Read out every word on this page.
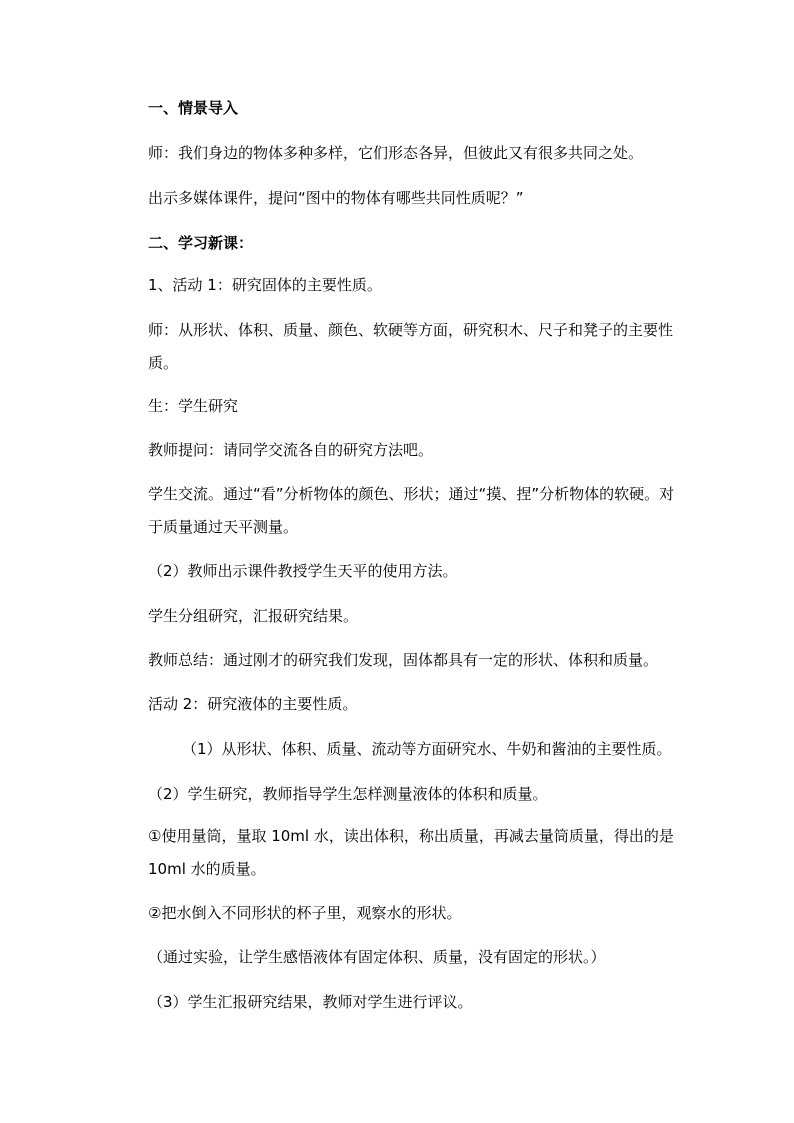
一、情景导入
师：我们身边的物体多种多样，它们形态各异，但彼此又有很多共同之处。
出示多媒体课件，提问“图中的物体有哪些共同性质呢？”
二、学习新课：
1、活动 1：研究固体的主要性质。
师：从形状、体积、质量、颜色、软硬等方面，研究积木、尺子和凳子的主要性质。
生：学生研究
教师提问：请同学交流各自的研究方法吧。
学生交流。通过“看”分析物体的颜色、形状；通过“摸、捏”分析物体的软硬。对于质量通过天平测量。
（2）教师出示课件教授学生天平的使用方法。
学生分组研究，汇报研究结果。
教师总结：通过刚才的研究我们发现，固体都具有一定的形状、体积和质量。
活动 2：研究液体的主要性质。
（1）从形状、体积、质量、流动等方面研究水、牛奶和酱油的主要性质。
（2）学生研究，教师指导学生怎样测量液体的体积和质量。
①使用量筒，量取 10ml 水，读出体积，称出质量，再减去量筒质量，得出的是 10ml 水的质量。
②把水倒入不同形状的杯子里，观察水的形状。
（通过实验，让学生感悟液体有固定体积、质量，没有固定的形状。）
（3）学生汇报研究结果，教师对学生进行评议。
